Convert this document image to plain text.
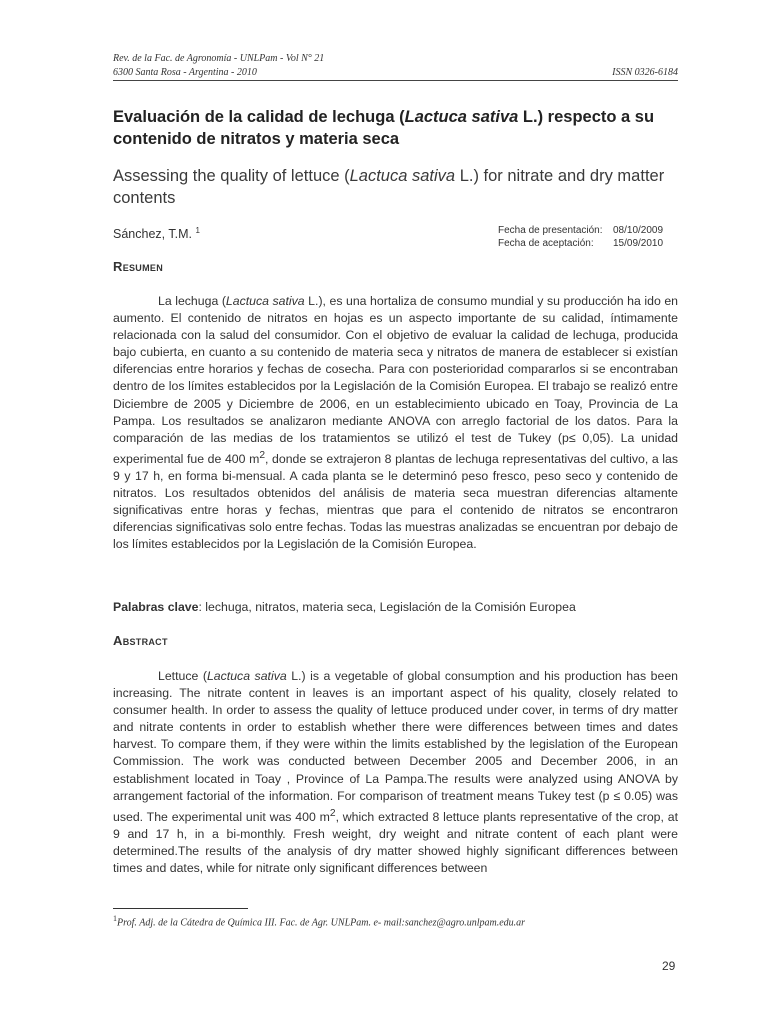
Rev. de la Fac. de Agronomía - UNLPam - Vol N° 21
6300 Santa Rosa - Argentina - 2010	ISSN 0326-6184
Evaluación de la calidad de lechuga (Lactuca sativa L.) respecto a su contenido de nitratos y materia seca
Assessing the quality of lettuce (Lactuca sativa L.) for nitrate and dry matter contents
Sánchez, T.M. $^1$	Fecha de presentación:	08/10/2009
Fecha de aceptación:	15/09/2010
Resumen

La lechuga (Lactuca sativa L.), es una hortaliza de consumo mundial y su producción ha ido en aumento. El contenido de nitratos en hojas es un aspecto importante de su calidad, íntimamente relacionada con la salud del consumidor. Con el objetivo de evaluar la calidad de lechuga, producida bajo cubierta, en cuanto a su contenido de materia seca y nitratos de manera de establecer si existían diferencias entre horarios y fechas de cosecha. Para con posterioridad compararlos si se encontraban dentro de los límites establecidos por la Legislación de la Comisión Europea. El trabajo se realizó entre Diciembre de 2005 y Diciembre de 2006, en un establecimiento ubicado en Toay, Provincia de La Pampa. Los resultados se analizaron mediante ANOVA con arreglo factorial de los datos. Para la comparación de las medias de los tratamientos se utilizó el test de Tukey (p≤ 0,05). La unidad experimental fue de 400 $m^2$, donde se extrajeron 8 plantas de lechuga representativas del cultivo, a las 9 y 17 h, en forma bi-mensual. A cada planta se le determinó peso fresco, peso seco y contenido de nitratos. Los resultados obtenidos del análisis de materia seca muestran diferencias altamente significativas entre horas y fechas, mientras que para el contenido de nitratos se encontraron diferencias significativas solo entre fechas. Todas las muestras analizadas se encuentran por debajo de los límites establecidos por la Legislación de la Comisión Europea.

Palabras clave: lechuga, nitratos, materia seca, Legislación de la Comisión Europea
Abstract

Lettuce (Lactuca sativa L.) is a vegetable of global consumption and his production has been increasing. The nitrate content in leaves is an important aspect of his quality, closely related to consumer health. In order to assess the quality of lettuce produced under cover, in terms of dry matter and nitrate contents in order to establish whether there were differences between times and dates harvest. To compare them, if they were within the limits established by the legislation of the European Commission. The work was conducted between December 2005 and December 2006, in an establishment located in Toay , Province of La Pampa.The results were analyzed using ANOVA by arrangement factorial of the information. For comparison of treatment means Tukey test (p ≤ 0.05) was used. The experimental unit was 400 $m^2$, which extracted 8 lettuce plants representative of the crop, at 9 and 17 h, in a bi-monthly. Fresh weight, dry weight and nitrate content of each plant were determined.The results of the analysis of dry matter showed highly significant differences between times and dates, while for nitrate only significant differences between

$^1$Prof. Adj. de la Cátedra de Química III. Fac. de Agr. UNLPam. e- mail:sanchez@agro.unlpam.edu.ar
29
